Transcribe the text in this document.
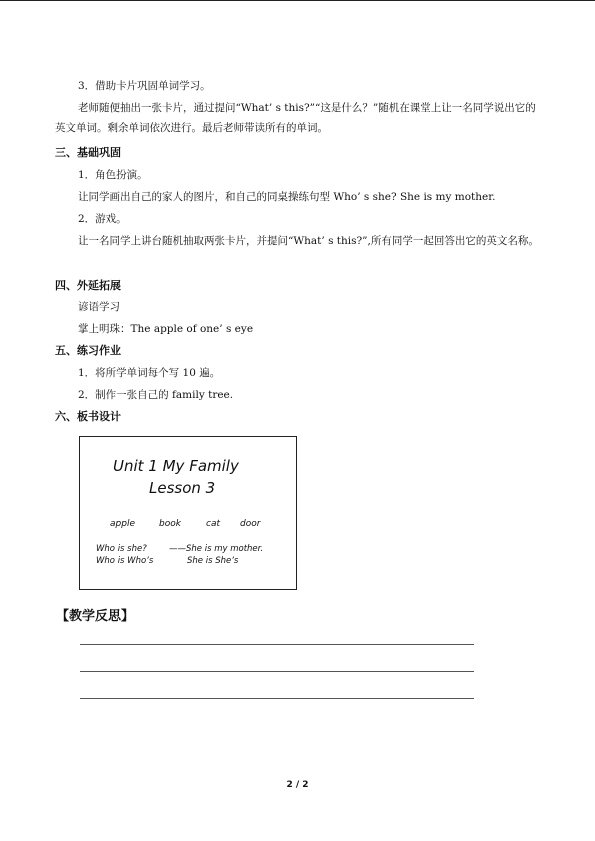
3．借助卡片巩固单词学习。
老师随便抽出一张卡片，通过提问“What’ s this?”“这是什么？”随机在课堂上让一名同学说出它的英文单词。剩余单词依次进行。最后老师带读所有的单词。
三、基础巩固
1．角色扮演。
让同学画出自己的家人的图片，和自己的同桌操练句型 Who’ s she? She is my mother.
2．游戏。
让一名同学上讲台随机抽取两张卡片，并提问“What’ s this?”,所有同学一起回答出它的英文名称。
四、外延拓展
谚语学习
掌上明珠：The apple of one’ s eye
五、练习作业
1．将所学单词每个写 10 遍。
2．制作一张自己的 family tree.
六、板书设计
Unit 1 My Family
Lesson 3
apple	book	cat door
Who is she?	——She is my mother.
Who is Who’s	She is She’s
【教学反思】
2 / 2
